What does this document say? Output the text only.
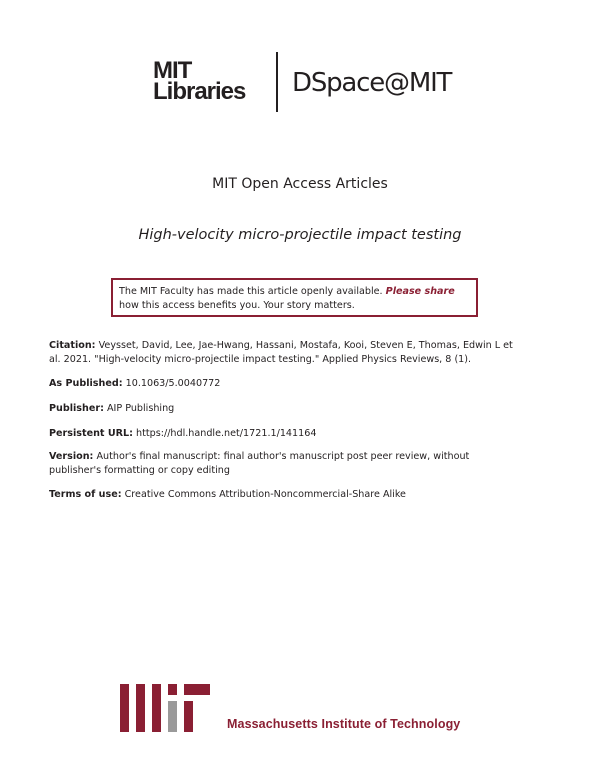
MIT
Libraries	DSpace@MIT
MIT Open Access Articles
High-velocity micro-projectile impact testing
The MIT Faculty has made this article openly available. Please share
how this access benefits you. Your story matters.
Citation: Veysset, David, Lee, Jae-Hwang, Hassani, Mostafa, Kooi, Steven E, Thomas, Edwin L et
al. 2021. "High-velocity micro-projectile impact testing." Applied Physics Reviews, 8 (1).
As Published: 10.1063/5.0040772
Publisher: AIP Publishing
Persistent URL: https://hdl.handle.net/1721.1/141164
Version: Author's final manuscript: final author's manuscript post peer review, without
publisher's formatting or copy editing
Terms of use: Creative Commons Attribution-Noncommercial-Share Alike
Massachusetts Institute of Technology
